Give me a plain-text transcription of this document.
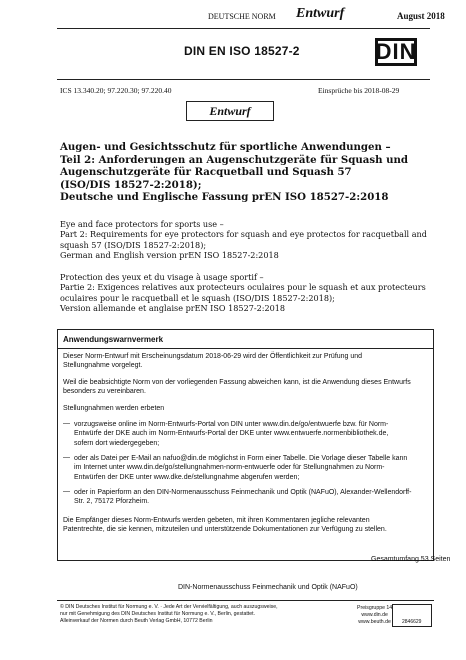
DEUTSCHE NORM Entwurf	August 2018
DIN EN ISO 18527-2	DIN
ICS 13.340.20; 97.220.30; 97.220.40	Einsprüche bis 2018-08-29
Entwurf
Augen- und Gesichtsschutz für sportliche Anwendungen –
Teil 2: Anforderungen an Augenschutzgeräte für Squash und
Augenschutzgeräte für Racquetball und Squash 57
(ISO/DIS 18527-2:2018);
Deutsche und Englische Fassung prEN ISO 18527-2:2018
Eye and face protectors for sports use –
Part 2: Requirements for eye protectors for squash and eye protectos for racquetball and
squash 57 (ISO/DIS 18527-2:2018);
German and English version prEN ISO 18527-2:2018
Protection des yeux et du visage à usage sportif –
Partie 2: Exigences relatives aux protecteurs oculaires pour le squash et aux protecteurs
oculaires pour le racquetball et le squash (ISO/DIS 18527-2:2018);
Version allemande et anglaise prEN ISO 18527-2:2018
Anwendungswarnvermerk
Dieser Norm-Entwurf mit Erscheinungsdatum 2018-06-29 wird der Öffentlichkeit zur Prüfung und
Stellungnahme vorgelegt.
Weil die beabsichtigte Norm von der vorliegenden Fassung abweichen kann, ist die Anwendung dieses Entwurfs
besonders zu vereinbaren.
Stellungnahmen werden erbeten
— vorzugsweise online im Norm-Entwurfs-Portal von DIN unter www.din.de/go/entwuerfe bzw. für Norm-
Entwürfe der DKE auch im Norm-Entwurfs-Portal der DKE unter www.entwuerfe.normenbibliothek.de,
sofern dort wiedergegeben;
— oder als Datei per E-Mail an nafuo@din.de möglichst in Form einer Tabelle. Die Vorlage dieser Tabelle kann
im Internet unter www.din.de/go/stellungnahmen-norm-entwuerfe oder für Stellungnahmen zu Norm-
Entwürfen der DKE unter www.dke.de/stellungnahme abgerufen werden;
— oder in Papierform an den DIN-Normenausschuss Feinmechanik und Optik (NAFuO), Alexander-Wellendorff-
Str. 2, 75172 Pforzheim.
Die Empfänger dieses Norm-Entwurfs werden gebeten, mit ihren Kommentaren jegliche relevanten
Patentrechte, die sie kennen, mitzuteilen und unterstützende Dokumentationen zur Verfügung zu stellen.
Gesamtumfang 53 Seiten
DIN-Normenausschuss Feinmechanik und Optik (NAFuO)
© DIN Deutsches Institut für Normung e. V. · Jede Art der Vervielfältigung, auch auszugsweise,
nur mit Genehmigung des DIN Deutsches Institut für Normung e. V., Berlin, gestattet.
Alleinverkauf der Normen durch Beuth Verlag GmbH, 10772 Berlin
Preisgruppe 14
www.din.de
www.beuth.de 2846629
